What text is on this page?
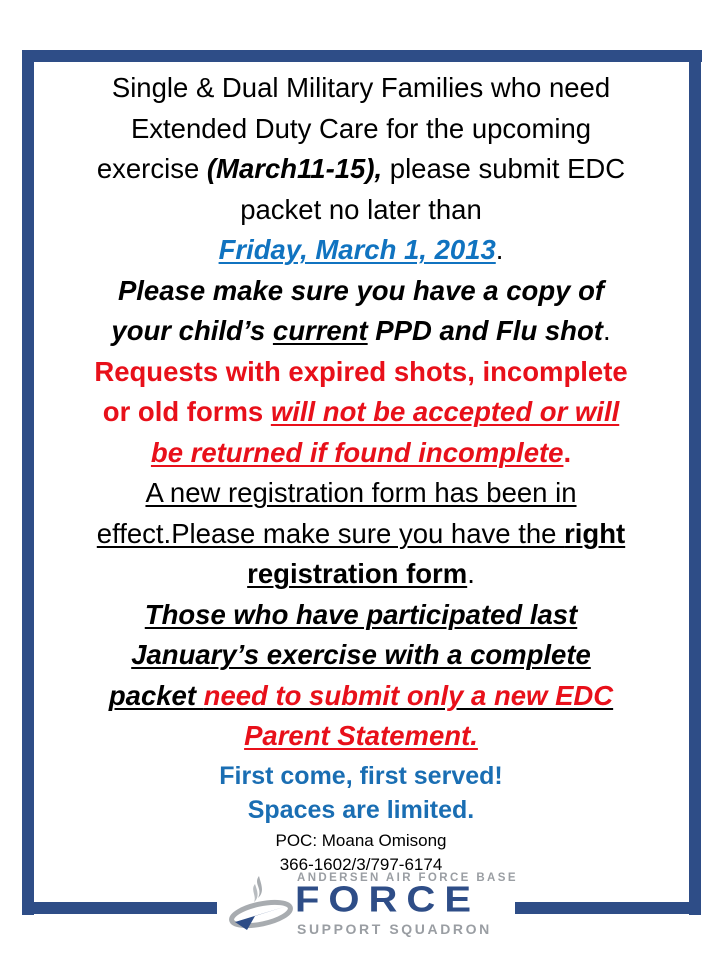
Single & Dual Military Families who need
Extended Duty Care for the upcoming
exercise (March11-15), please submit EDC
packet no later than
Friday, March 1, 2013.
Please make sure you have a copy of
your child’s current PPD and Flu shot.
Requests with expired shots, incomplete
or old forms will not be accepted or will
be returned if found incomplete.
A new registration form has been in
effect.Please make sure you have the right
registration form.
Those who have participated last
January’s exercise with a complete
packet need to submit only a new EDC
Parent Statement.
First come, first served!
Spaces are limited.
POC: Moana Omisong
366-1602/3/797-6174
ANDERSEN AIR FORCE BASE
FORCE
SUPPORT SQUADRON
